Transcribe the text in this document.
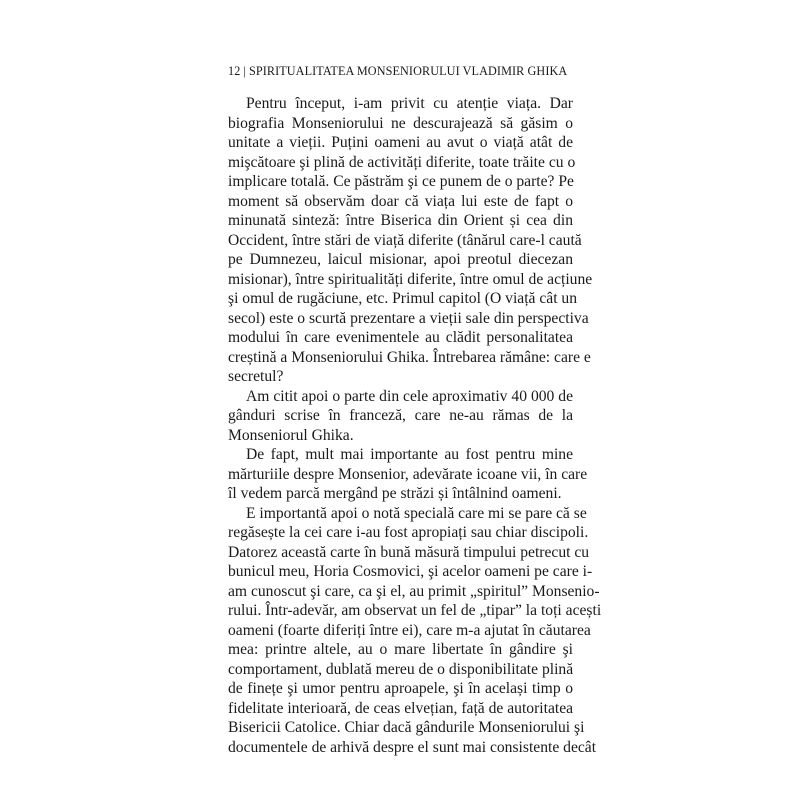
12 | SPIRITUALITATEA MONSENIORULUI VLADIMIR GHIKA
Pentru început, i-am privit cu atenție viața. Dar
biografia Monseniorului ne descurajează să găsim o
unitate a vieții. Puțini oameni au avut o viață atât de
mişcătoare şi plină de activități diferite, toate trăite cu o
implicare totală. Ce păstrăm şi ce punem de o parte? Pe
moment să observăm doar că viața lui este de fapt o
minunată sinteză: între Biserica din Orient și cea din
Occident, între stări de viață diferite (tânărul care-l caută
pe Dumnezeu, laicul misionar, apoi preotul diecezan
misionar), între spiritualități diferite, între omul de acțiune
şi omul de rugăciune, etc. Primul capitol (O viață cât un
secol) este o scurtă prezentare a vieții sale din perspectiva
modului în care evenimentele au clădit personalitatea
creștină a Monseniorului Ghika. Întrebarea rămâne: care e
secretul?
Am citit apoi o parte din cele aproximativ 40 000 de
gânduri scrise în franceză, care ne-au rămas de la
Monseniorul Ghika.
De fapt, mult mai importante au fost pentru mine
mărturiile despre Monsenior, adevărate icoane vii, în care
îl vedem parcă mergând pe străzi și întâlnind oameni.
E importantă apoi o notă specială care mi se pare că se
regăsește la cei care i-au fost apropiați sau chiar discipoli.
Datorez această carte în bună măsură timpului petrecut cu
bunicul meu, Horia Cosmovici, şi acelor oameni pe care i-
am cunoscut şi care, ca şi el, au primit „spiritul” Monsenio-
rului. Într-adevăr, am observat un fel de „tipar” la toți acești
oameni (foarte diferiți între ei), care m-a ajutat în căutarea
mea: printre altele, au o mare libertate în gândire şi
comportament, dublată mereu de o disponibilitate plină
de finețe şi umor pentru aproapele, şi în același timp o
fidelitate interioară, de ceas elvețian, față de autoritatea
Bisericii Catolice. Chiar dacă gândurile Monseniorului şi
documentele de arhivă despre el sunt mai consistente decât
